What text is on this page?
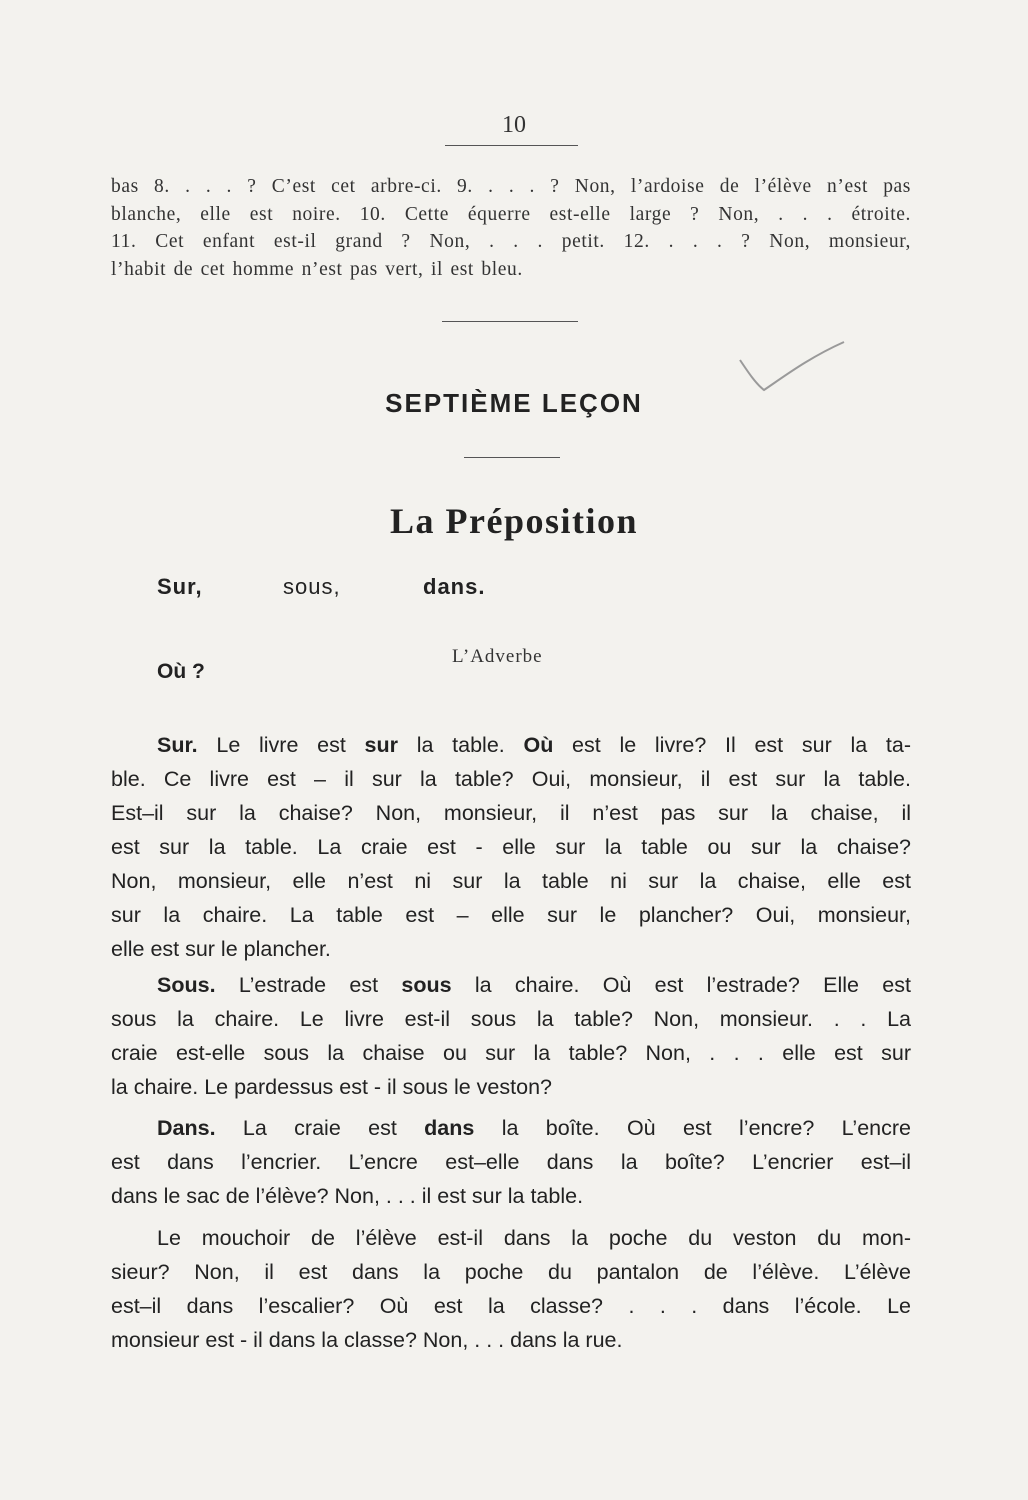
10
bas 8. . . . ? C’est cet arbre-ci. 9. . . . ? Non, l’ardoise de l’élève n’est pas
blanche, elle est noire. 10. Cette équerre est-elle large ? Non, . . . étroite.
11. Cet enfant est-il grand ? Non, . . . petit. 12. . . . ? Non, monsieur,
l’habit de cet homme n’est pas vert, il est bleu.
SEPTIÈME LEÇON
La Préposition
Sur,	sous,	dans.
L’Adverbe
Où ?
Sur. Le livre est sur la table. Où est le livre? Il est sur la ta-
ble. Ce livre est – il sur la table? Oui, monsieur, il est sur la table.
Est–il sur la chaise? Non, monsieur, il n’est pas sur la chaise, il
est sur la table. La craie est - elle sur la table ou sur la chaise?
Non, monsieur, elle n’est ni sur la table ni sur la chaise, elle est
sur la chaire. La table est – elle sur le plancher? Oui, monsieur,
elle est sur le plancher.
Sous. L’estrade est sous la chaire. Où est l’estrade? Elle est
sous la chaire. Le livre est-il sous la table? Non, monsieur. . . La
craie est-elle sous la chaise ou sur la table? Non, . . . elle est sur
la chaire. Le pardessus est - il sous le veston?
Dans. La craie est dans la boîte. Où est l’encre? L’encre
est dans l’encrier. L’encre est–elle dans la boîte? L’encrier est–il
dans le sac de l’élève? Non, . . . il est sur la table.
Le mouchoir de l’élève est-il dans la poche du veston du mon-
sieur? Non, il est dans la poche du pantalon de l’élève. L’élève
est–il dans l’escalier? Où est la classe? . . . dans l’école. Le
monsieur est - il dans la classe? Non, . . . dans la rue.
